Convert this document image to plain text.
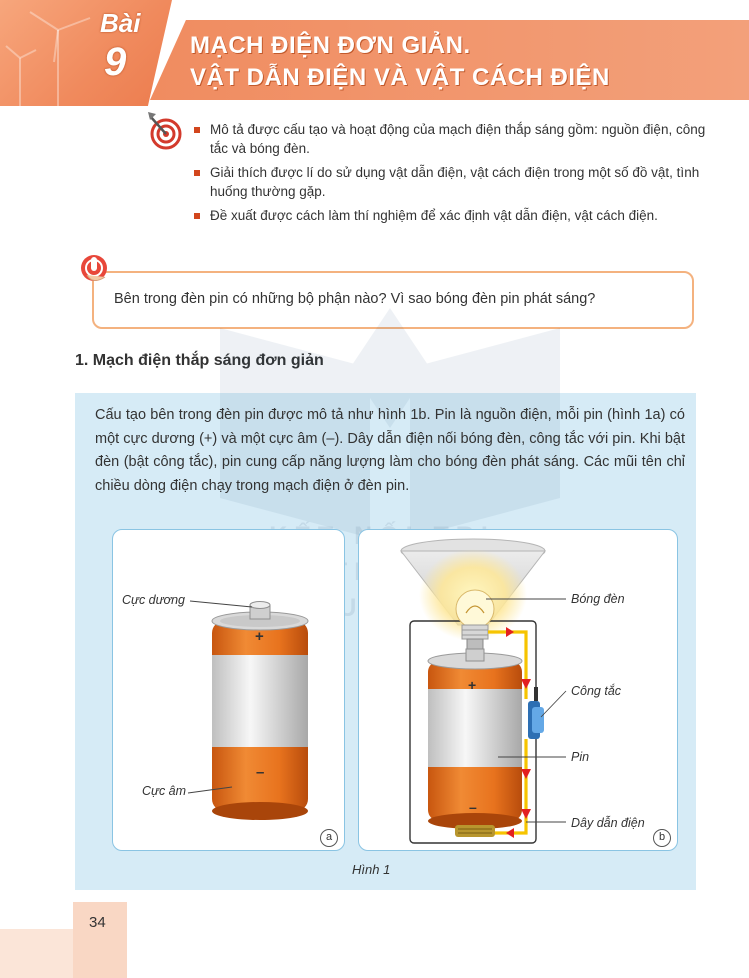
Bài
9	MẠCH ĐIỆN ĐƠN GIẢN.
VẬT DẪN ĐIỆN VÀ VẬT CÁCH ĐIỆN
Mô tả được cấu tạo và hoạt động của mạch điện thắp sáng gồm: nguồn điện, công tắc và bóng đèn.
Giải thích được lí do sử dụng vật dẫn điện, vật cách điện trong một số đồ vật, tình huống thường gặp.
Đề xuất được cách làm thí nghiệm để xác định vật dẫn điện, vật cách điện.
Bên trong đèn pin có những bộ phận nào? Vì sao bóng đèn pin phát sáng?
1. Mạch điện thắp sáng đơn giản
Cấu tạo bên trong đèn pin được mô tả như hình 1b. Pin là nguồn điện, mỗi pin (hình 1a) có một cực dương (+) và một cực âm (–). Dây dẫn điện nối bóng đèn, công tắc với pin. Khi bật đèn (bật công tắc), pin cung cấp năng lượng làm cho bóng đèn phát sáng. Các mũi tên chỉ chiều dòng điện chạy trong mạch điện ở đèn pin.
Cực dương
Cực âm
+
–
a
Bóng đèn
Công tắc
Pin
Dây dẫn điện
+
–
b
Hình 1
34
